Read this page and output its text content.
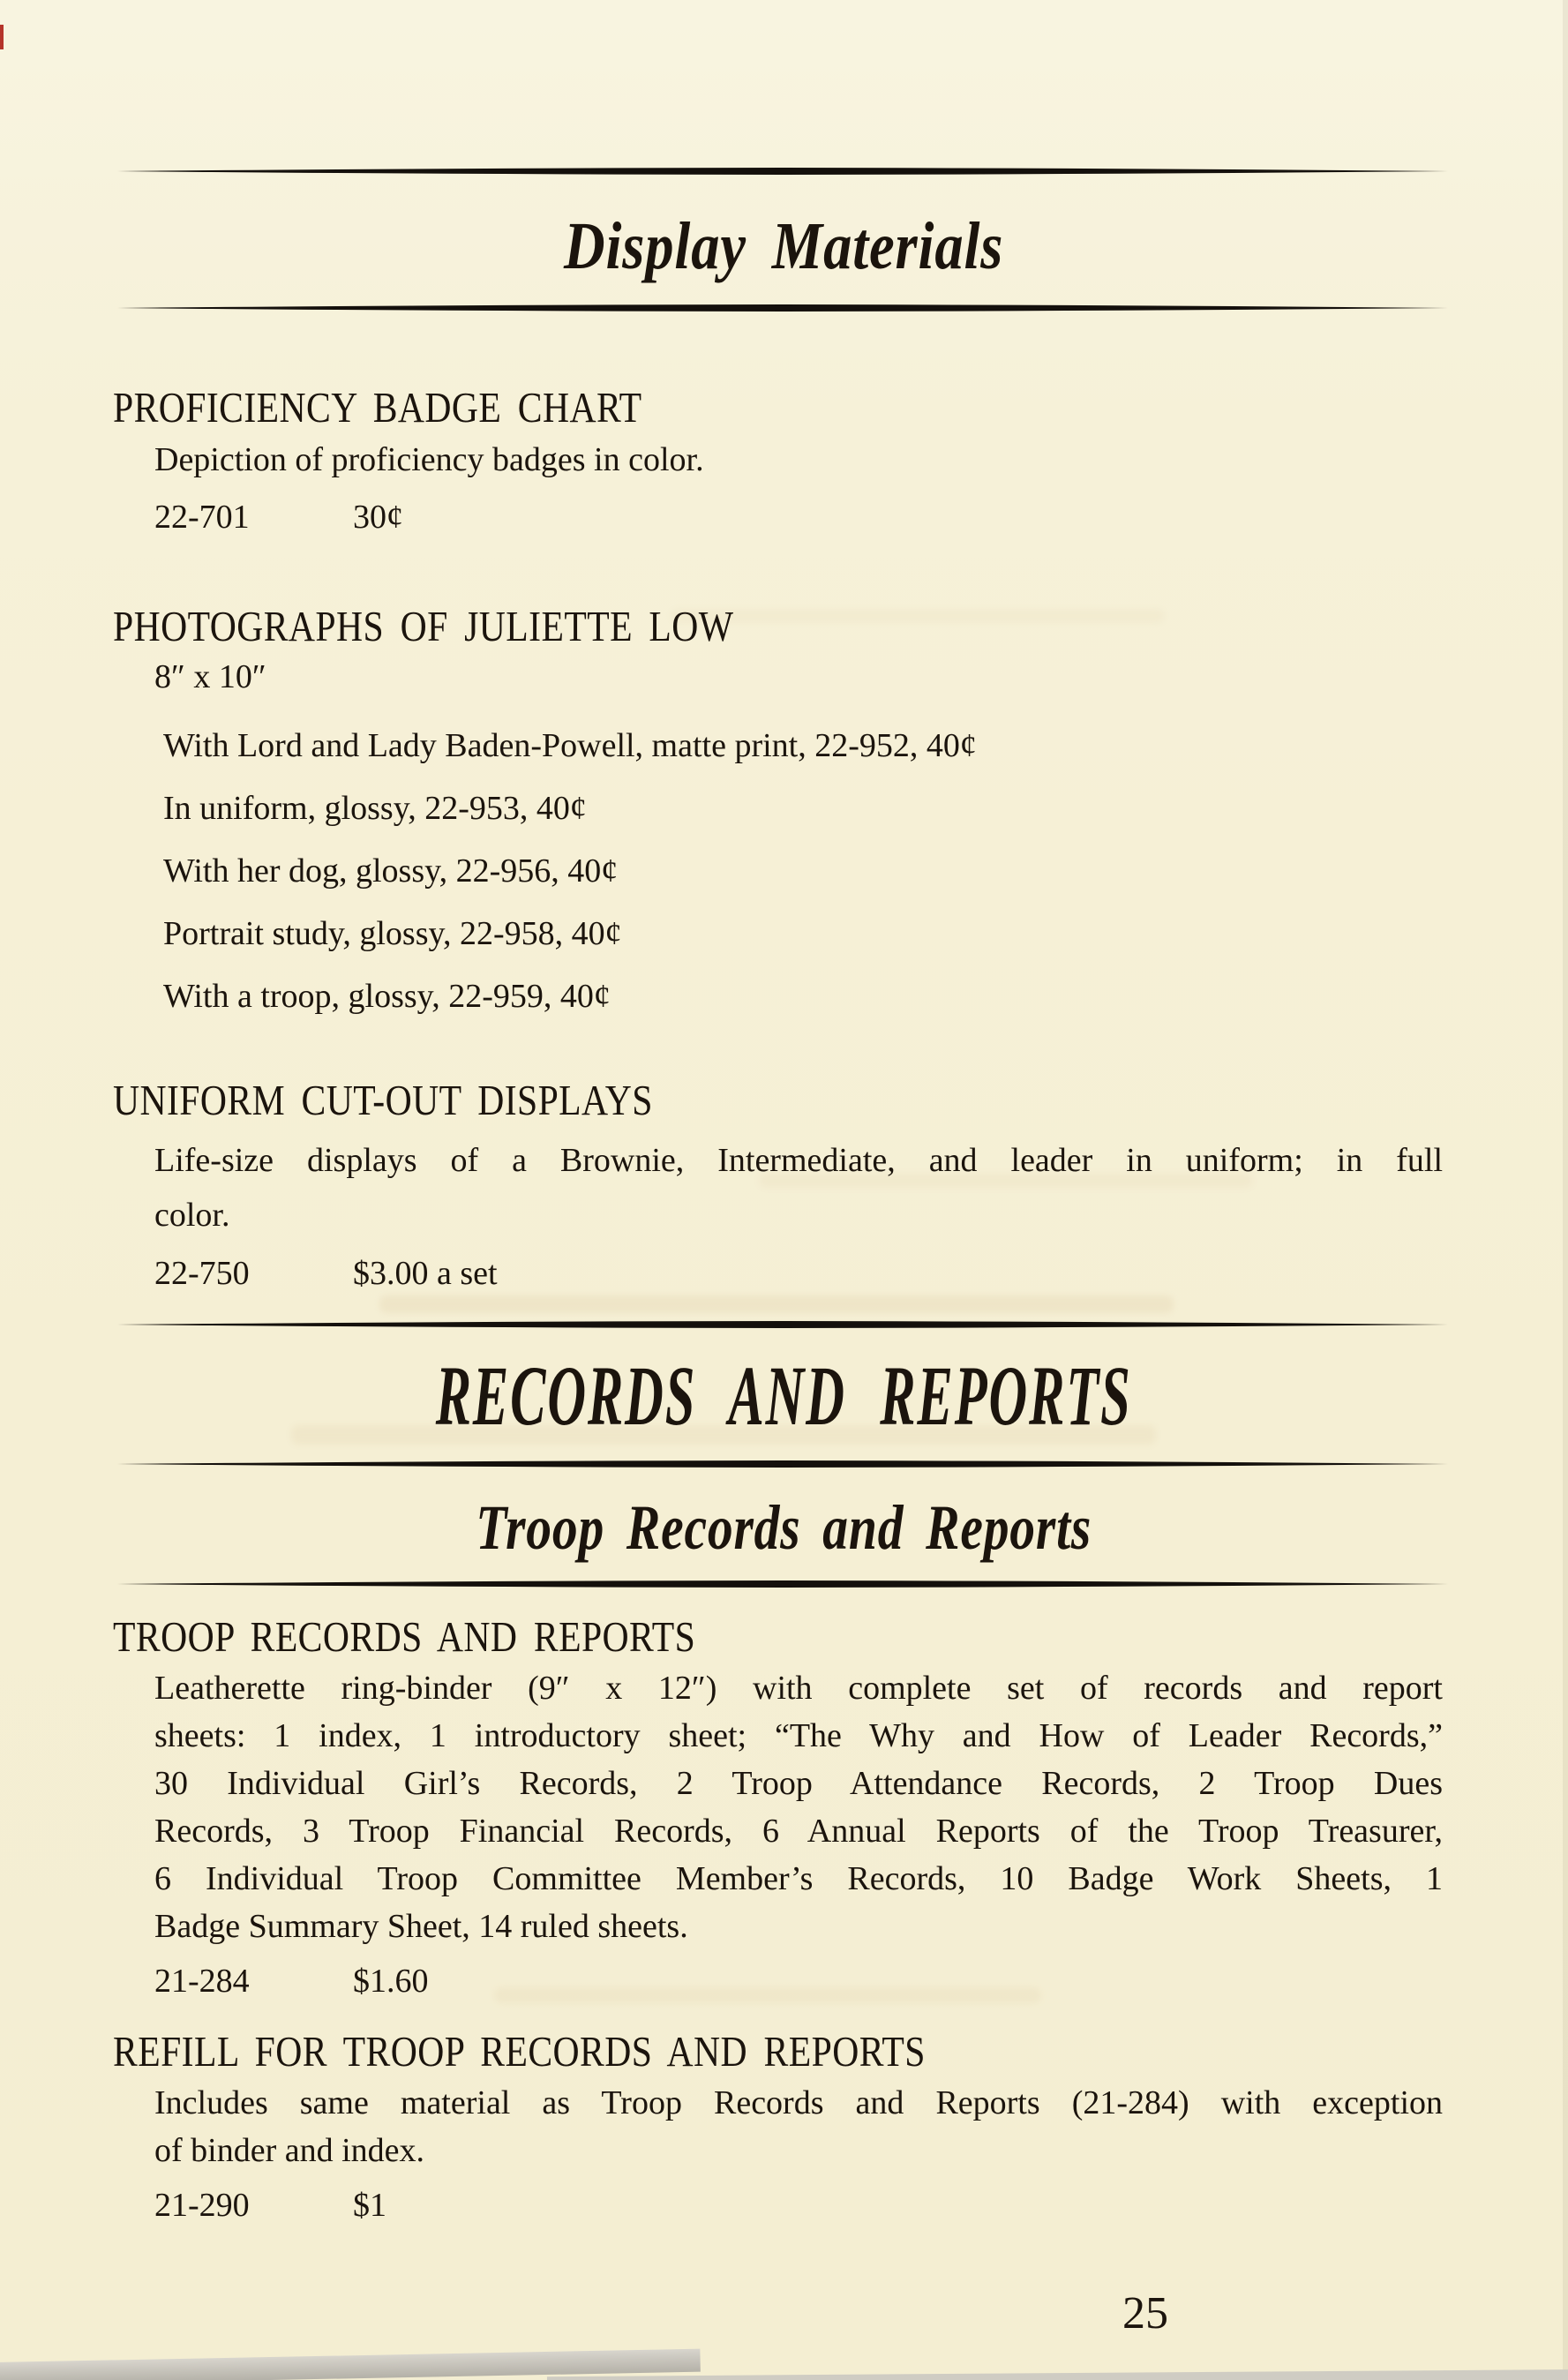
Display Materials
PROFICIENCY BADGE CHART
Depiction of proficiency badges in color.
22-701	30¢
PHOTOGRAPHS OF JULIETTE LOW
8″ x 10″
With Lord and Lady Baden-Powell, matte print, 22-952, 40¢
In uniform, glossy, 22-953, 40¢
With her dog, glossy, 22-956, 40¢
Portrait study, glossy, 22-958, 40¢
With a troop, glossy, 22-959, 40¢
UNIFORM CUT-OUT DISPLAYS
Life-size displays of a Brownie, Intermediate, and leader in uniform; in full
color.
22-750	$3.00 a set
RECORDS AND REPORTS
Troop Records and Reports
TROOP RECORDS AND REPORTS
Leatherette ring-binder (9″ x 12″) with complete set of records and report
sheets: 1 index, 1 introductory sheet; “The Why and How of Leader Records,”
30 Individual Girl’s Records, 2 Troop Attendance Records, 2 Troop Dues
Records, 3 Troop Financial Records, 6 Annual Reports of the Troop Treasurer,
6 Individual Troop Committee Member’s Records, 10 Badge Work Sheets, 1
Badge Summary Sheet, 14 ruled sheets.
21-284	$1.60
REFILL FOR TROOP RECORDS AND REPORTS
Includes same material as Troop Records and Reports (21-284) with exception
of binder and index.
21-290	$1
25
